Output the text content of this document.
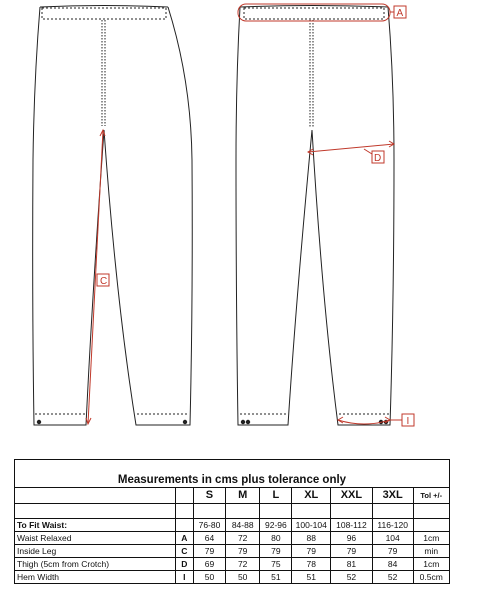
C
A
D
I
Measurements in cms plus tolerance only								
		S	M	L	XL	XXL	3XL	Tol +/-

To Fit Waist:		76-80	84-88	92-96	100-104	108-112	116-120	
Waist Relaxed	A	64	72	80	88	96	104	1cm
Inside Leg	C	79	79	79	79	79	79	min
Thigh (5cm from Crotch)	D	69	72	75	78	81	84	1cm
Hem Width	I	50	50	51	51	52	52	0.5cm
